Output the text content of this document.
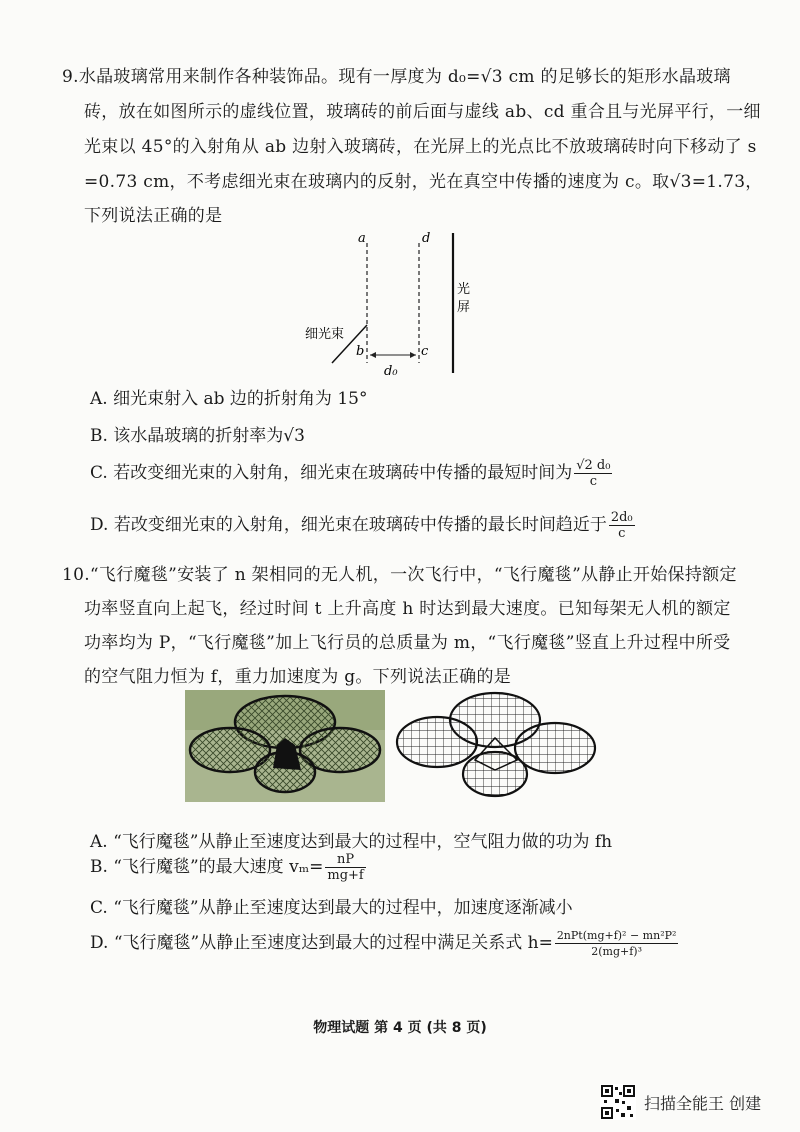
9.水晶玻璃常用来制作各种装饰品。现有一厚度为 d₀=√3 cm 的足够长的矩形水晶玻璃
砖，放在如图所示的虚线位置，玻璃砖的前后面与虚线 ab、cd 重合且与光屏平行，一细
光束以 45°的入射角从 ab 边射入玻璃砖，在光屏上的光点比不放玻璃砖时向下移动了 s
=0.73 cm，不考虑细光束在玻璃内的反射，光在真空中传播的速度为 c。取√3=1.73，
下列说法正确的是
a	d
b	c
细光束
光
屏
d₀
A. 细光束射入 ab 边的折射角为 15°
B. 该水晶玻璃的折射率为√3
C. 若改变细光束的入射角，细光束在玻璃砖中传播的最短时间为 $\frac{\text{√2 d₀}}{c}$
D. 若改变细光束的入射角，细光束在玻璃砖中传播的最长时间趋近于 $\frac{\text{2d₀}}{c}$
10.“飞行魔毯”安装了 n 架相同的无人机，一次飞行中，“飞行魔毯”从静止开始保持额定
功率竖直向上起飞，经过时间 t 上升高度 h 时达到最大速度。已知每架无人机的额定
功率均为 P，“飞行魔毯”加上飞行员的总质量为 m，“飞行魔毯”竖直上升过程中所受
的空气阻力恒为 f，重力加速度为 g。下列说法正确的是
A. “飞行魔毯”从静止至速度达到最大的过程中，空气阻力做的功为 fh
B. “飞行魔毯”的最大速度 $v_m= \frac{nP}{mg+f}$
C. “飞行魔毯”从静止至速度达到最大的过程中，加速度逐渐减小
D. “飞行魔毯”从静止至速度达到最大的过程中满足关系式 $h= \frac{\text{2nPt(mg+f)² − mn²P²}}{\text{2(mg+f)³}}$
物理试题 第 4 页 (共 8 页)
扫描全能王 创建
